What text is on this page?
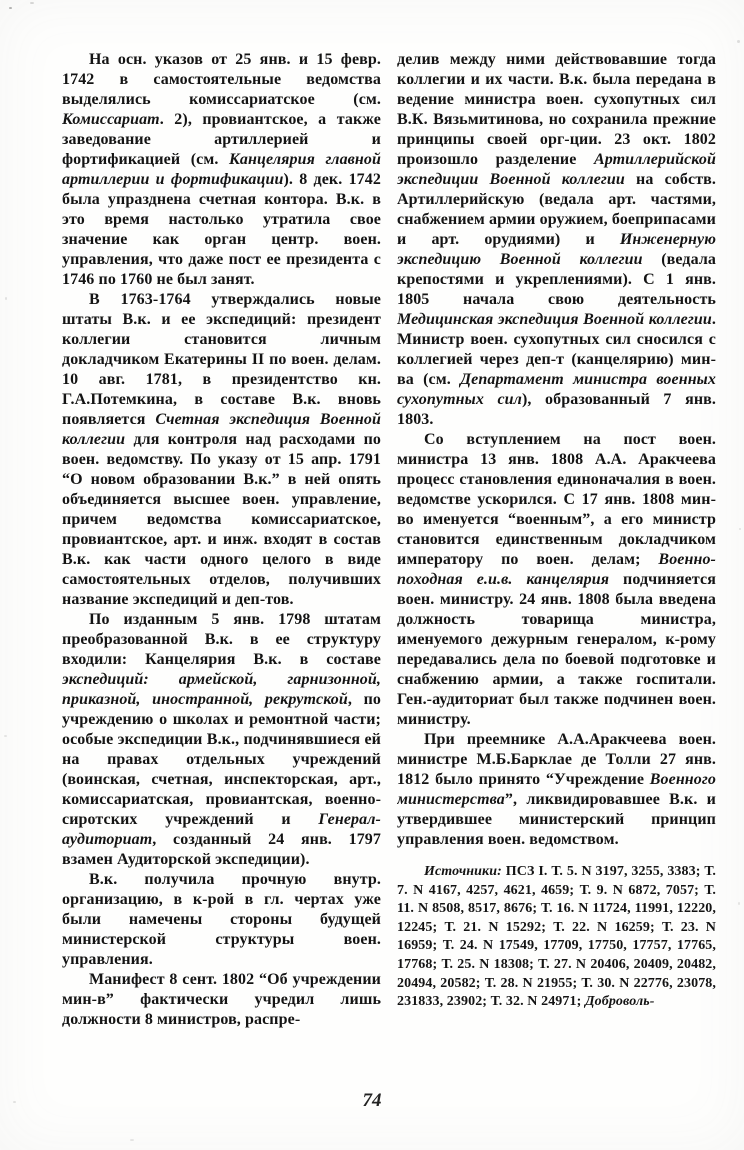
На осн. указов от 25 янв. и 15 февр. 1742 в самостоятельные ведомства выделялись комиссариатское (см. Комиссариат. 2), провиантское, а также заведование артиллерией и фортификацией (см. Канцелярия главной артиллерии и фортификации). 8 дек. 1742 была упразднена счетная контора. В.к. в это время настолько утратила свое значение как орган центр. воен. управления, что даже пост ее президента с 1746 по 1760 не был занят.

В 1763-1764 утверждались новые штаты В.к. и ее экспедиций: президент коллегии становится личным докладчиком Екатерины II по воен. делам. 10 авг. 1781, в президентство кн. Г.А.Потемкина, в составе В.к. вновь появляется Счетная экспедиция Военной коллегии для контроля над расходами по воен. ведомству. По указу от 15 апр. 1791 “О новом образовании В.к.” в ней опять объединяется высшее воен. управление, причем ведомства комиссариатское, провиантское, арт. и инж. входят в состав В.к. как части одного целого в виде самостоятельных отделов, получивших название экспедиций и деп-тов.

По изданным 5 янв. 1798 штатам преобразованной В.к. в ее структуру входили: Канцелярия В.к. в составе экспедиций: армейской, гарнизонной, приказной, иностранной, рекрутской, по учреждению о школах и ремонтной части; особые экспедиции В.к., подчинявшиеся ей на правах отдельных учреждений (воинская, счетная, инспекторская, арт., комиссариатская, провиантская, военно-сиротских учреждений и Генерал-аудиториат, созданный 24 янв. 1797 взамен Аудиторской экспедиции).

В.к. получила прочную внутр. организацию, в к-рой в гл. чертах уже были намечены стороны будущей министерской структуры воен. управления.

Манифест 8 сент. 1802 “Об учреждении мин-в” фактически учредил лишь должности 8 министров, распре-

делив между ними действовавшие тогда коллегии и их части. В.к. была передана в ведение министра воен. сухопутных сил В.К. Вязьмитинова, но сохранила прежние принципы своей орг-ции. 23 окт. 1802 произошло разделение Артиллерийской экспедиции Военной коллегии на собств. Артиллерийскую (ведала арт. частями, снабжением армии оружием, боеприпасами и арт. орудиями) и Инженерную экспедицию Военной коллегии (ведала крепостями и укреплениями). С 1 янв. 1805 начала свою деятельность Медицинская экспедиция Военной коллегии. Министр воен. сухопутных сил сносился с коллегией через деп-т (канцелярию) мин-ва (см. Департамент министра военных сухопутных сил), образованный 7 янв. 1803.

Со вступлением на пост воен. министра 13 янв. 1808 А.А. Аракчеева процесс становления единоначалия в воен. ведомстве ускорился. С 17 янв. 1808 мин-во именуется “военным”, а его министр становится единственным докладчиком императору по воен. делам; Военно-походная е.и.в. канцелярия подчиняется воен. министру. 24 янв. 1808 была введена должность товарища министра, именуемого дежурным генералом, к-рому передавались дела по боевой подготовке и снабжению армии, а также госпитали. Ген.-аудиториат был также подчинен воен. министру.

При преемнике А.А.Аракчеева воен. министре М.Б.Барклае де Толли 27 янв. 1812 было принято “Учреждение Военного министерства”, ликвидировавшее В.к. и утвердившее министерский принцип управления воен. ведомством.

Источники: ПСЗ I. Т. 5. N 3197, 3255, 3383; Т. 7. N 4167, 4257, 4621, 4659; Т. 9. N 6872, 7057; Т. 11. N 8508, 8517, 8676; Т. 16. N 11724, 11991, 12220, 12245; Т. 21. N 15292; Т. 22. N 16259; Т. 23. N 16959; Т. 24. N 17549, 17709, 17750, 17757, 17765, 17768; Т. 25. N 18308; Т. 27. N 20406, 20409, 20482, 20494, 20582; Т. 28. N 21955; Т. 30. N 22776, 23078, 231833, 23902; Т. 32. N 24971; Доброволь-

74
